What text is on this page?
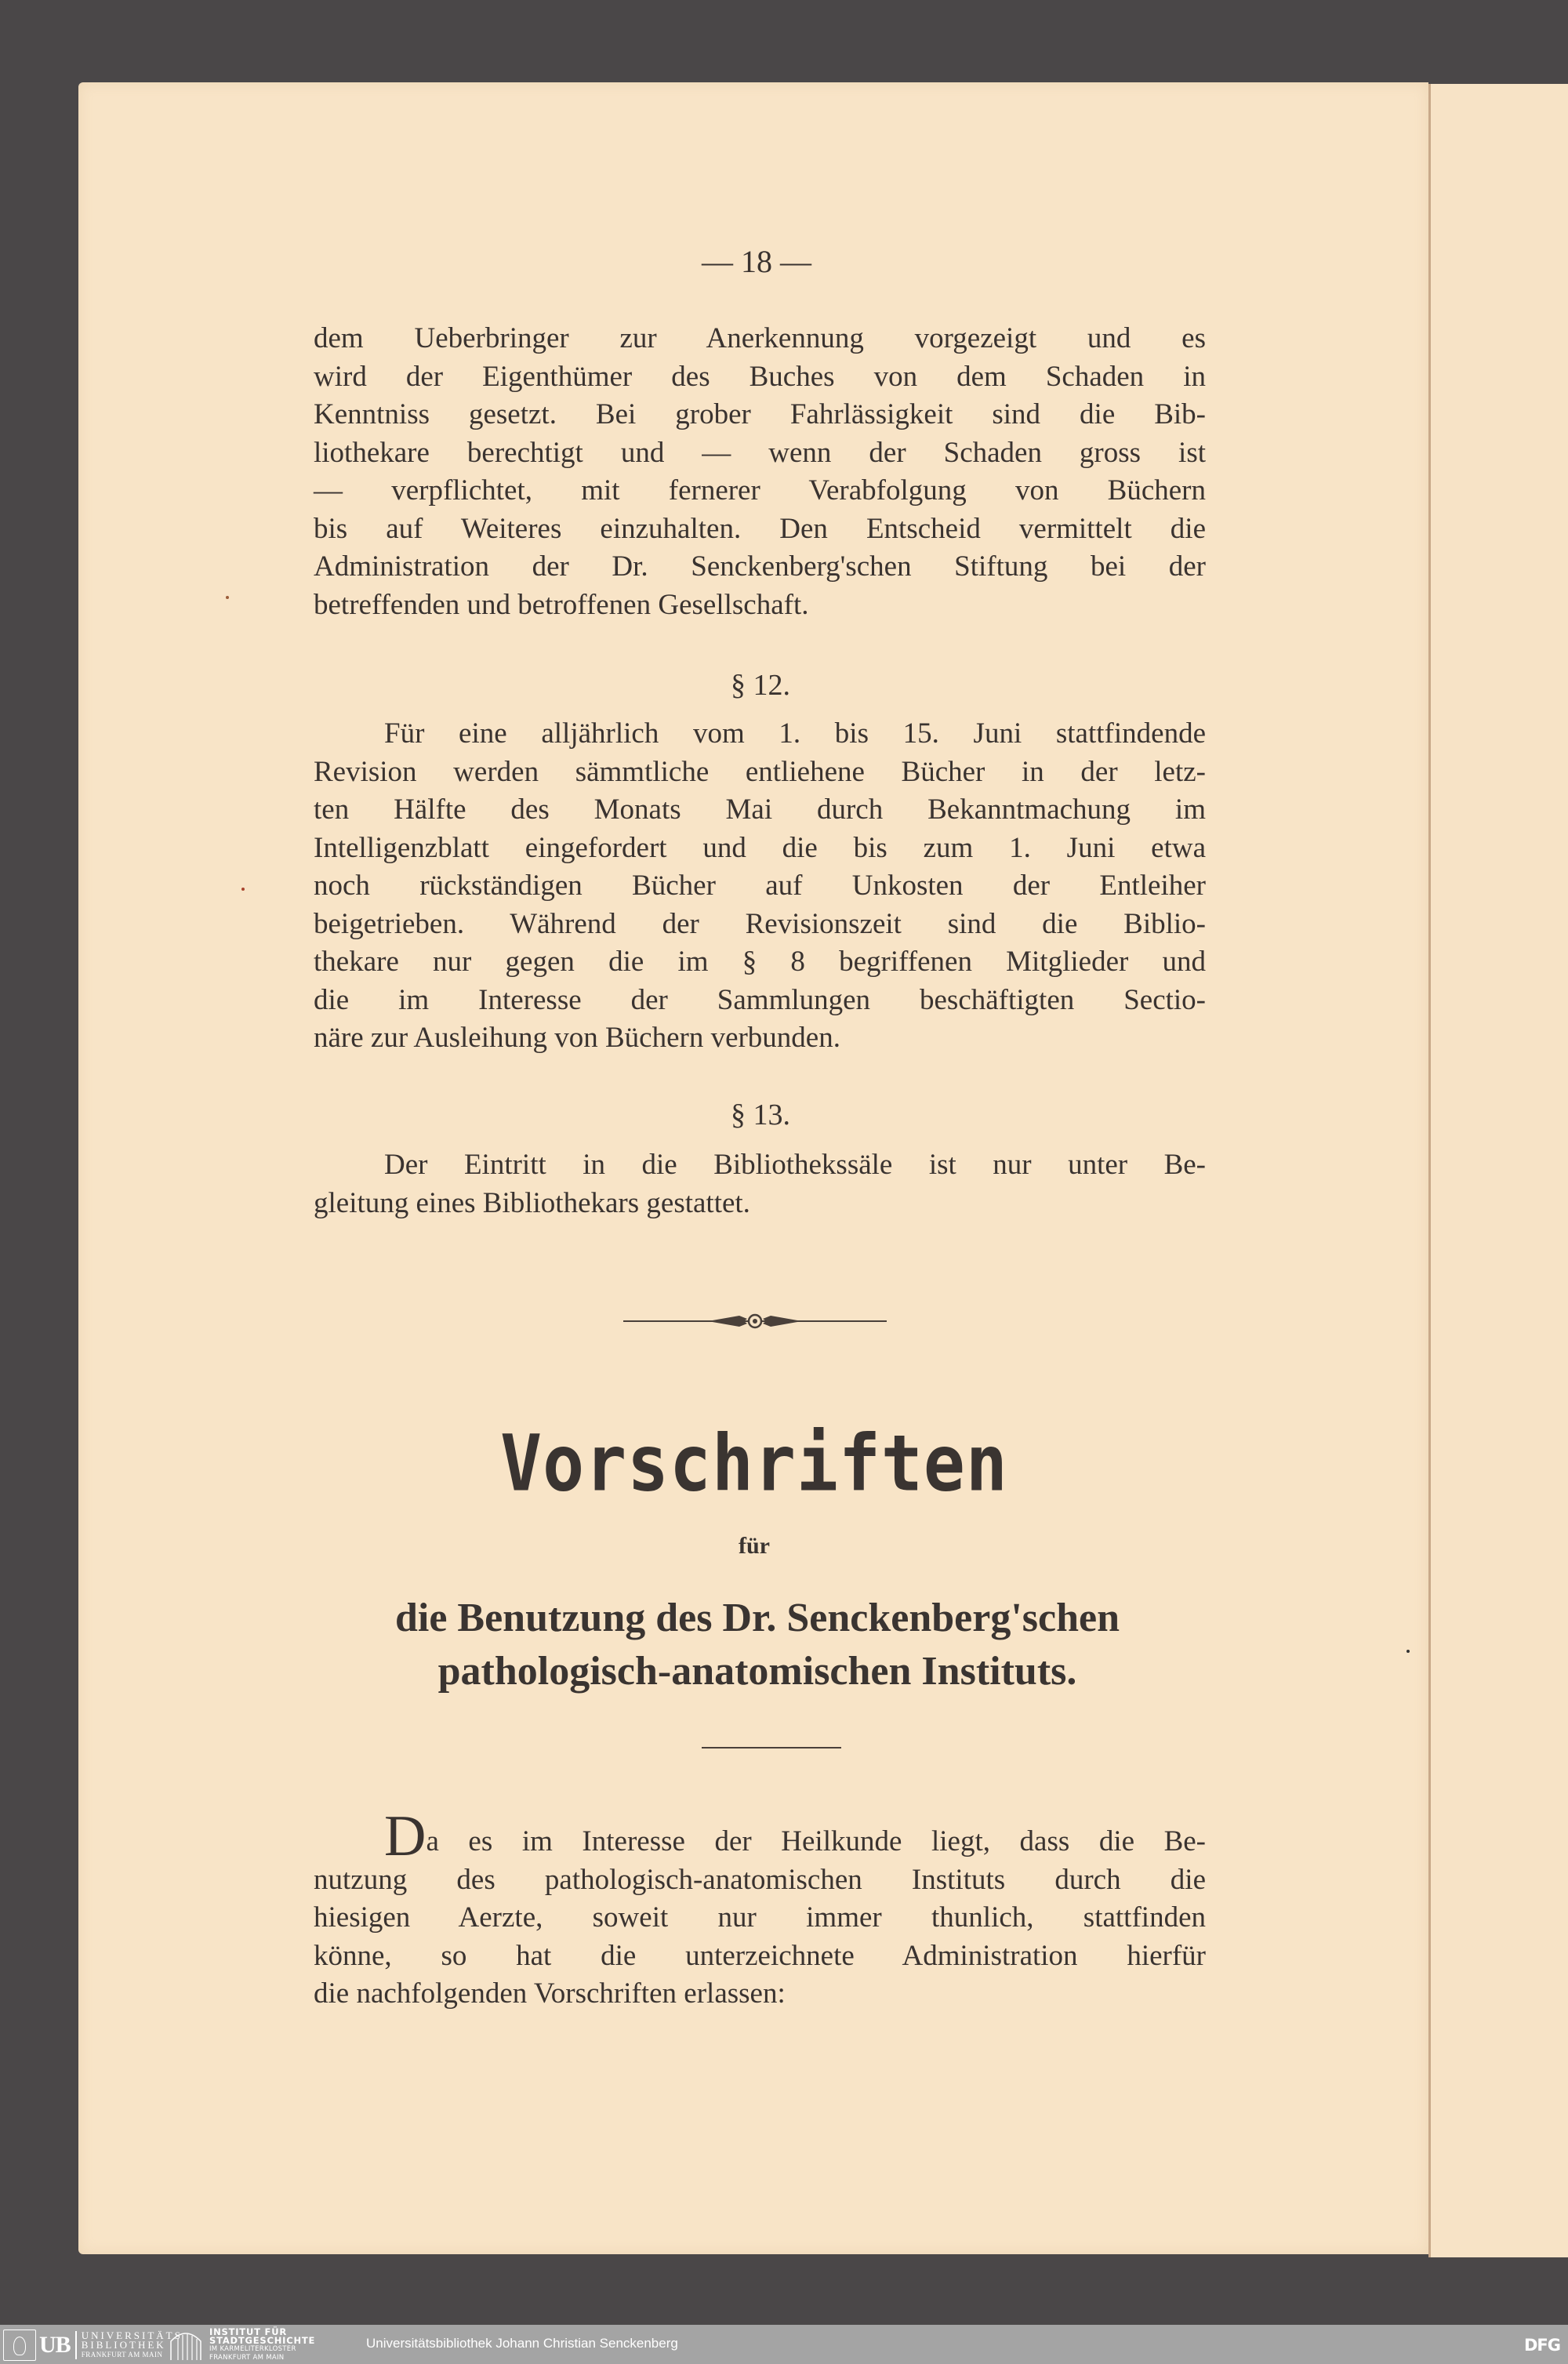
— 18 —
dem Ueberbringer zur Anerkennung vorgezeigt und es
wird der Eigenthümer des Buches von dem Schaden in
Kenntniss gesetzt. Bei grober Fahrlässigkeit sind die Bib-
liothekare berechtigt und — wenn der Schaden gross ist
— verpflichtet, mit fernerer Verabfolgung von Büchern
bis auf Weiteres einzuhalten. Den Entscheid vermittelt die
Administration der Dr. Senckenberg'schen Stiftung bei der
betreffenden und betroffenen Gesellschaft.
§ 12.
Für eine alljährlich vom 1. bis 15. Juni stattfindende
Revision werden sämmtliche entliehene Bücher in der letz-
ten Hälfte des Monats Mai durch Bekanntmachung im
Intelligenzblatt eingefordert und die bis zum 1. Juni etwa
noch rückständigen Bücher auf Unkosten der Entleiher
beigetrieben. Während der Revisionszeit sind die Biblio-
thekare nur gegen die im § 8 begriffenen Mitglieder und
die im Interesse der Sammlungen beschäftigten Sectio-
näre zur Ausleihung von Büchern verbunden.
§ 13.
Der Eintritt in die Bibliothekssäle ist nur unter Be-
gleitung eines Bibliothekars gestattet.
Vorschriften
für
die Benutzung des Dr. Senckenberg'schen
pathologisch-anatomischen Instituts.
Da es im Interesse der Heilkunde liegt, dass die Be-
nutzung des pathologisch-anatomischen Instituts durch die
hiesigen Aerzte, soweit nur immer thunlich, stattfinden
könne, so hat die unterzeichnete Administration hierfür
die nachfolgenden Vorschriften erlassen:
UB UNIVERSITÄTS
BIBLIOTHEK
FRANKFURT AM MAIN
INSTITUT FÜR
STADTGESCHICHTE
IM KARMELITERKLOSTER
FRANKFURT AM MAIN
Universitätsbibliothek Johann Christian Senckenberg	DFG
